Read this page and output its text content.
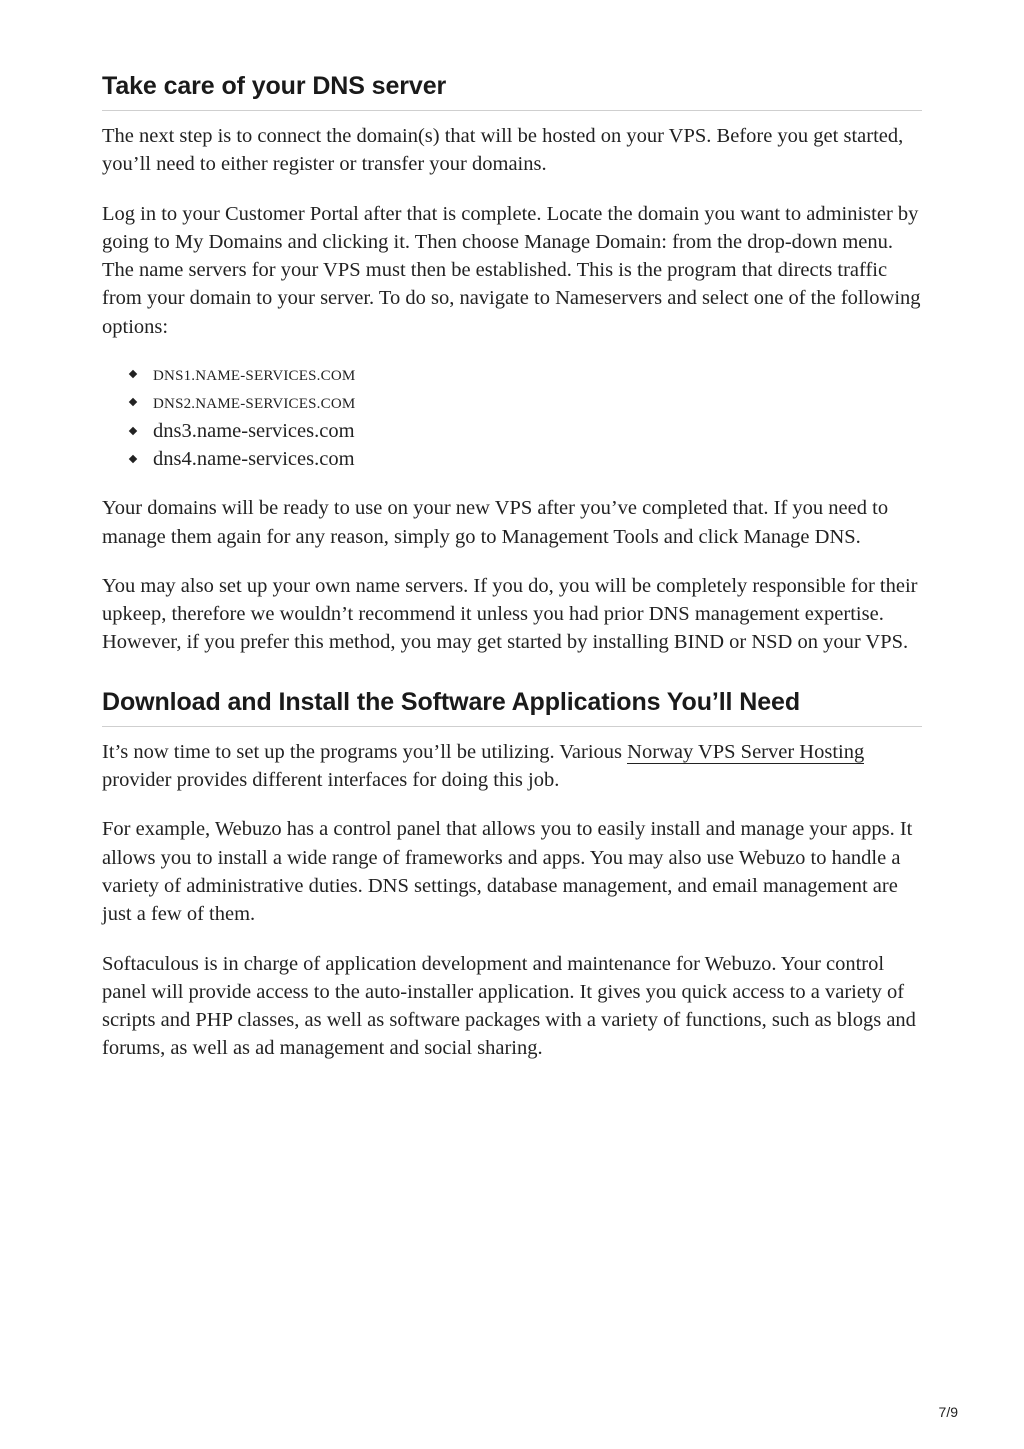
Take care of your DNS server

The next step is to connect the domain(s) that will be hosted on your VPS. Before you get started, you’ll need to either register or transfer your domains.

Log in to your Customer Portal after that is complete. Locate the domain you want to administer by going to My Domains and clicking it. Then choose Manage Domain: from the drop-down menu. The name servers for your VPS must then be established. This is the program that directs traffic from your domain to your server. To do so, navigate to Nameservers and select one of the following options:

DNS1.NAME-SERVICES.COM
DNS2.NAME-SERVICES.COM
dns3.name-services.com
dns4.name-services.com

Your domains will be ready to use on your new VPS after you’ve completed that. If you need to manage them again for any reason, simply go to Management Tools and click Manage DNS.

You may also set up your own name servers. If you do, you will be completely responsible for their upkeep, therefore we wouldn’t recommend it unless you had prior DNS management expertise. However, if you prefer this method, you may get started by installing BIND or NSD on your VPS.

Download and Install the Software Applications You’ll Need

It’s now time to set up the programs you’ll be utilizing. Various Norway VPS Server Hosting provider provides different interfaces for doing this job.

For example, Webuzo has a control panel that allows you to easily install and manage your apps. It allows you to install a wide range of frameworks and apps. You may also use Webuzo to handle a variety of administrative duties. DNS settings, database management, and email management are just a few of them.

Softaculous is in charge of application development and maintenance for Webuzo. Your control panel will provide access to the auto-installer application. It gives you quick access to a variety of scripts and PHP classes, as well as software packages with a variety of functions, such as blogs and forums, as well as ad management and social sharing.

7/9
